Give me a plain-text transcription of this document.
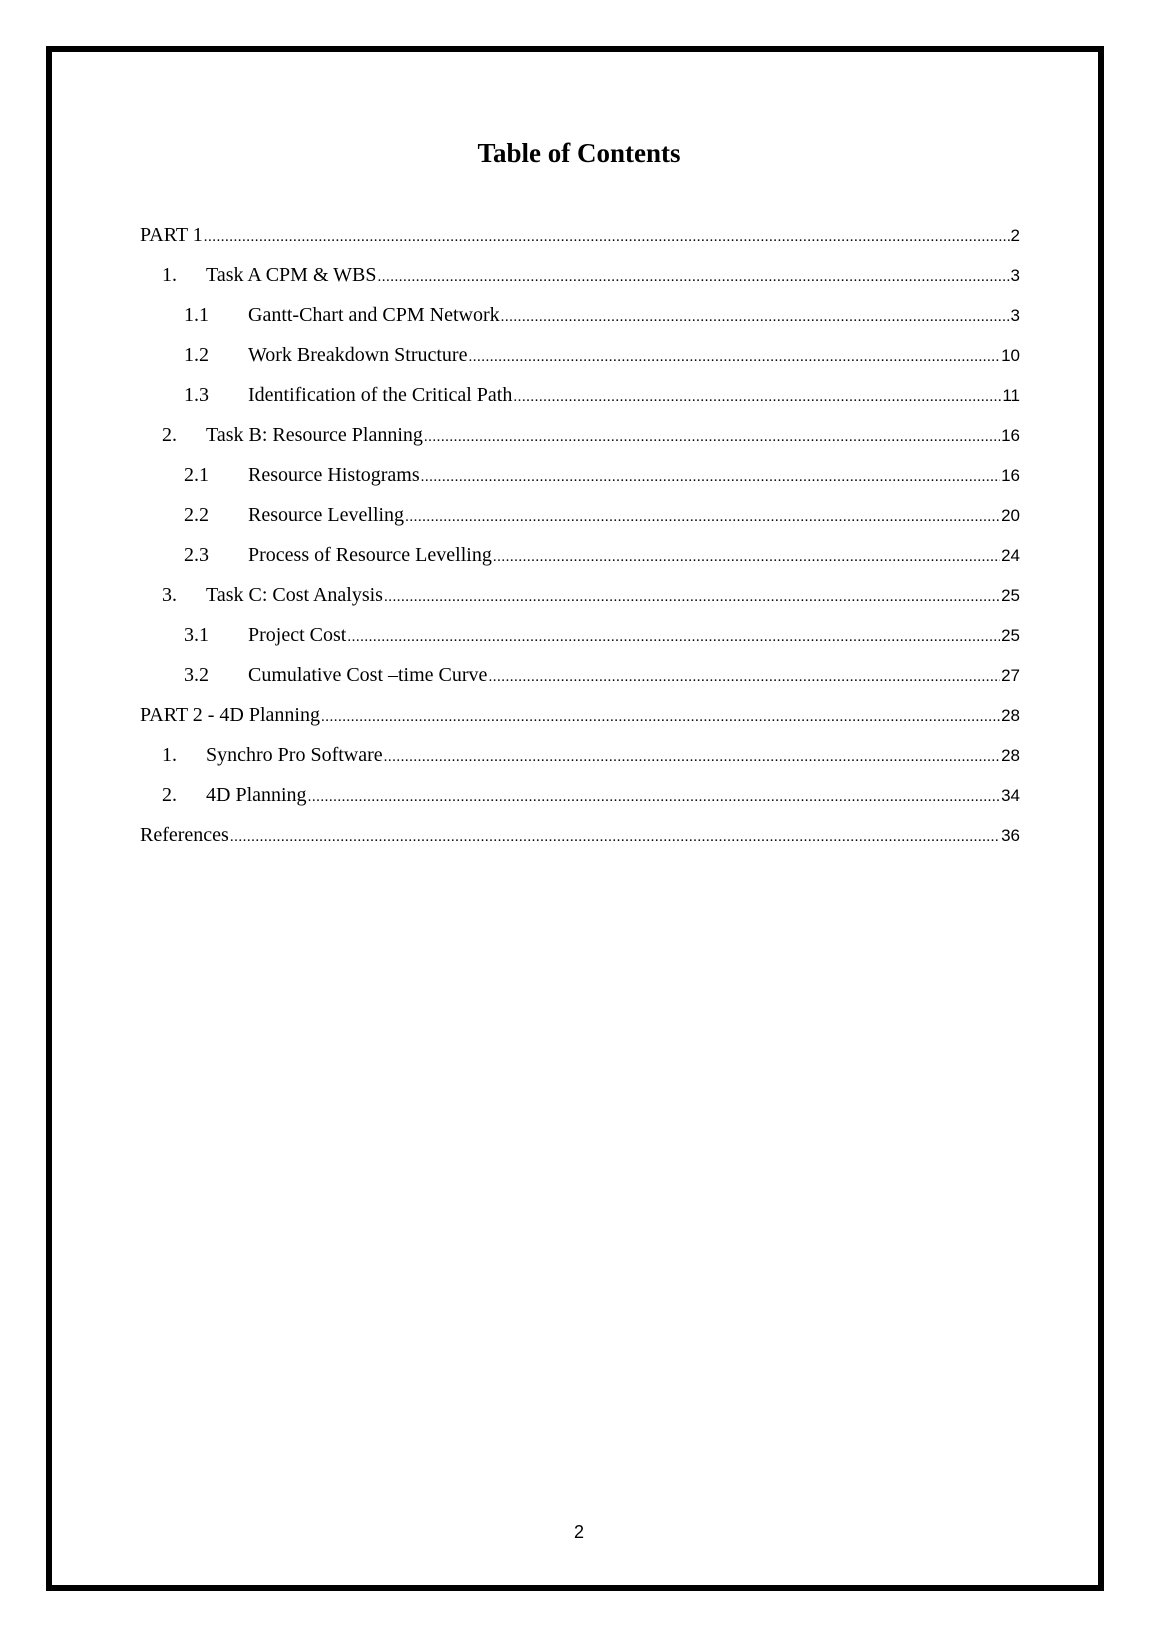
Table of Contents
PART 1 .....	2
1.	Task A CPM & WBS .....	3
1.1	Gantt-Chart and CPM Network .....	3
1.2	Work Breakdown Structure .....	10
1.3	Identification of the Critical Path .....	11
2.	Task B: Resource Planning .....	16
2.1	Resource Histograms .....	16
2.2	Resource Levelling .....	20
2.3	Process of Resource Levelling .....	24
3.	Task C: Cost Analysis .....	25
3.1	Project Cost .....	25
3.2	Cumulative Cost –time Curve .....	27
PART 2 - 4D Planning .....	28
1.	Synchro Pro Software .....	28
2.	4D Planning .....	34
References .....	36
2
